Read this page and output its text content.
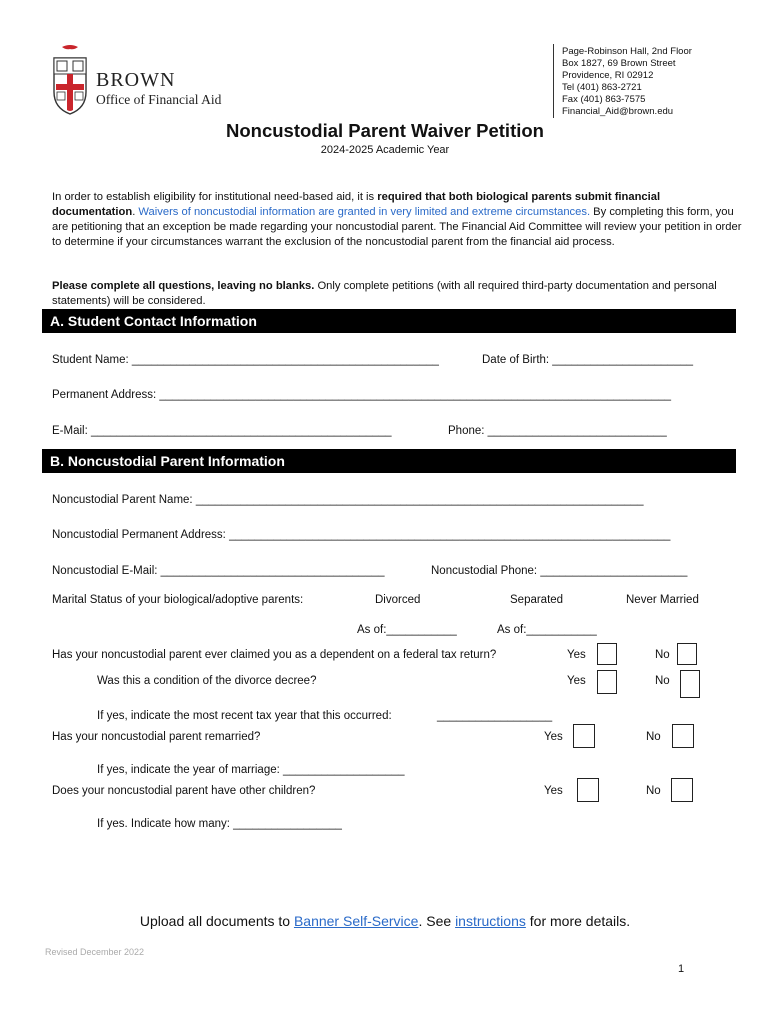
BROWN
Office of Financial Aid
Page-Robinson Hall, 2nd Floor
Box 1827, 69 Brown Street
Providence, RI 02912
Tel (401) 863-2721
Fax (401) 863-7575
Financial_Aid@brown.edu
Noncustodial Parent Waiver Petition
2024-2025 Academic Year
In order to establish eligibility for institutional need-based aid, it is required that both biological parents submit financial documentation. Waivers of noncustodial information are granted in very limited and extreme circumstances. By completing this form, you are petitioning that an exception be made regarding your noncustodial parent. The Financial Aid Committee will review your petition in order to determine if your circumstances warrant the exclusion of the noncustodial parent from the financial aid process.
Please complete all questions, leaving no blanks. Only complete petitions (with all required third-party documentation and personal statements) will be considered.
A. Student Contact Information
Student Name: ________________________________________________	Date of Birth: ______________________
Permanent Address: ________________________________________________________________________________
E-Mail: _______________________________________________	Phone: ____________________________
B. Noncustodial Parent Information
Noncustodial Parent Name: ______________________________________________________________________
Noncustodial Permanent Address: _____________________________________________________________________
Noncustodial E-Mail: ___________________________________	Noncustodial Phone: _______________________
Marital Status of your biological/adoptive parents:	Divorced	Separated	Never Married
As of:___________	As of:___________
Has your noncustodial parent ever claimed you as a dependent on a federal tax return?	Yes	No
Was this a condition of the divorce decree?	Yes	No
If yes, indicate the most recent tax year that this occurred:	__________________
Has your noncustodial parent remarried?	Yes	No
If yes, indicate the year of marriage: ___________________
Does your noncustodial parent have other children?	Yes	No
If yes. Indicate how many: _________________
Upload all documents to Banner Self-Service. See instructions for more details.
Revised December 2022
1
